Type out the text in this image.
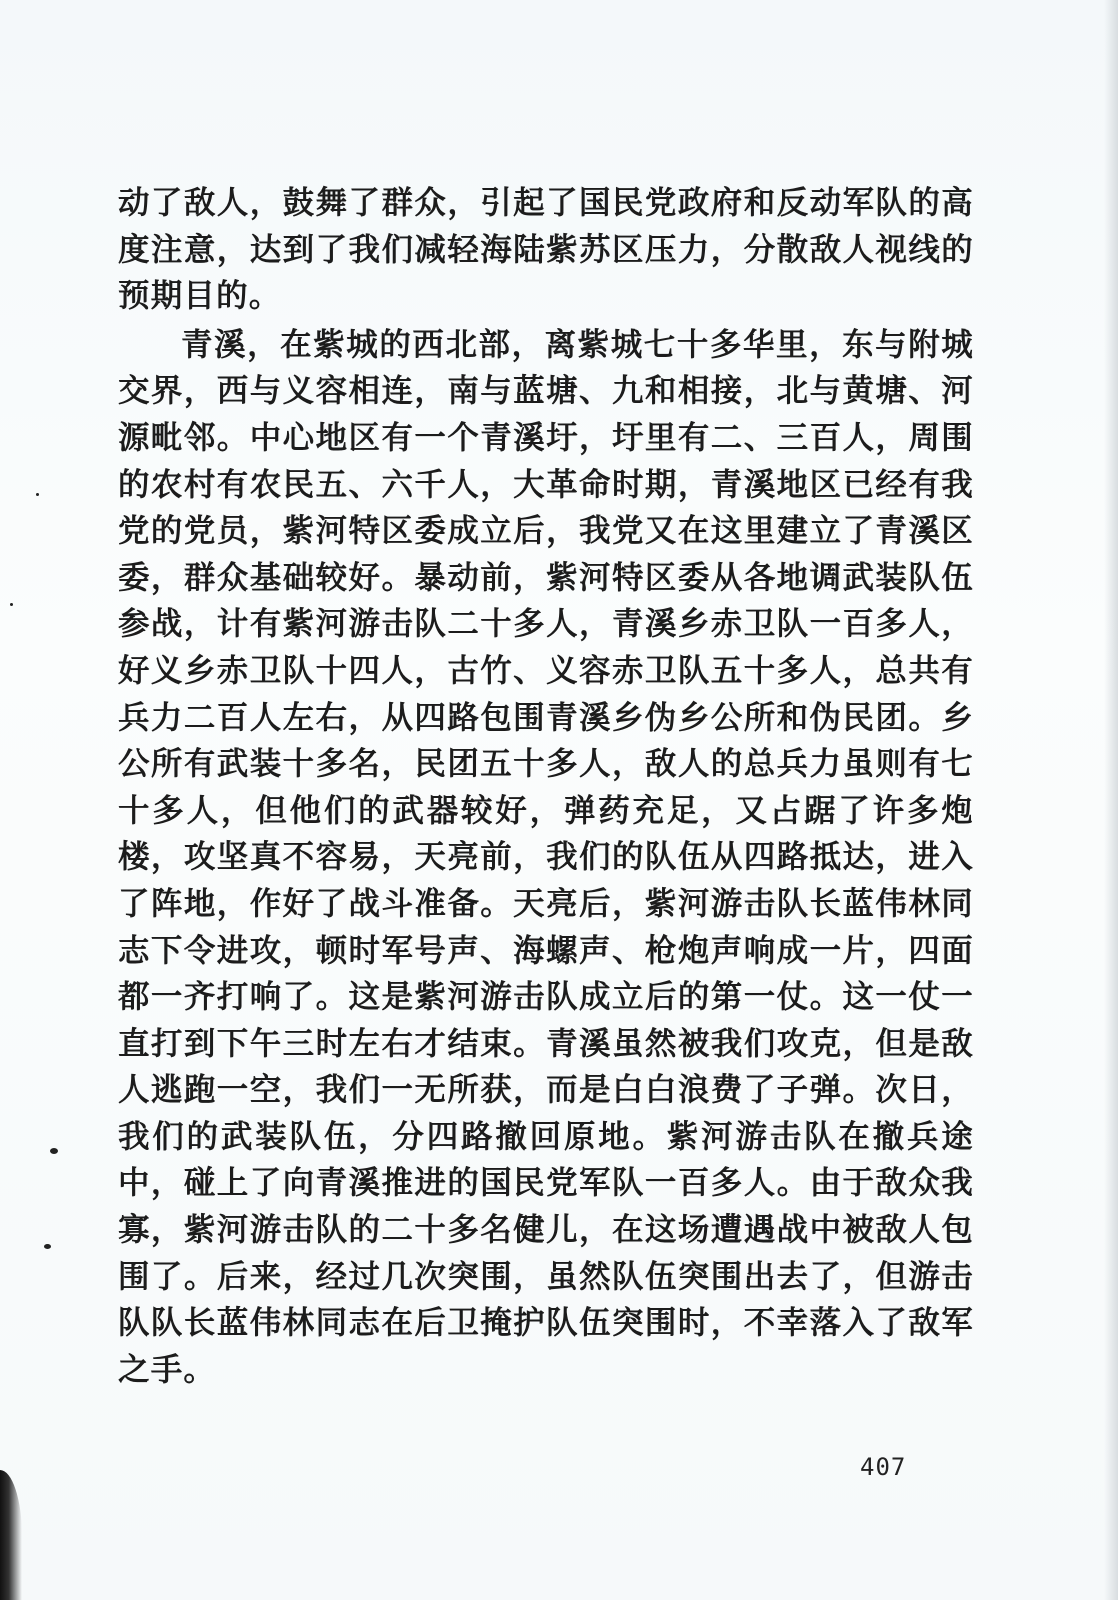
动了敌人，鼓舞了群众，引起了国民党政府和反动军队的高度注意，达到了我们减轻海陆紫苏区压力，分散敌人视线的预期目的。

青溪，在紫城的西北部，离紫城七十多华里，东与附城交界，西与义容相连，南与蓝塘、九和相接，北与黄塘、河源毗邻。中心地区有一个青溪圩，圩里有二、三百人，周围的农村有农民五、六千人，大革命时期，青溪地区已经有我党的党员，紫河特区委成立后，我党又在这里建立了青溪区委，群众基础较好。暴动前，紫河特区委从各地调武装队伍参战，计有紫河游击队二十多人，青溪乡赤卫队一百多人，好义乡赤卫队十四人，古竹、义容赤卫队五十多人，总共有兵力二百人左右，从四路包围青溪乡伪乡公所和伪民团。乡公所有武装十多名，民团五十多人，敌人的总兵力虽则有七十多人，但他们的武器较好，弹药充足，又占踞了许多炮楼，攻坚真不容易，天亮前，我们的队伍从四路抵达，进入了阵地，作好了战斗准备。天亮后，紫河游击队长蓝伟林同志下令进攻，顿时军号声、海螺声、枪炮声响成一片，四面都一齐打响了。这是紫河游击队成立后的第一仗。这一仗一直打到下午三时左右才结束。青溪虽然被我们攻克，但是敌人逃跑一空，我们一无所获，而是白白浪费了子弹。次日，我们的武装队伍，分四路撤回原地。紫河游击队在撤兵途中，碰上了向青溪推进的国民党军队一百多人。由于敌众我寡，紫河游击队的二十多名健儿，在这场遭遇战中被敌人包围了。后来，经过几次突围，虽然队伍突围出去了，但游击队队长蓝伟林同志在后卫掩护队伍突围时，不幸落入了敌军之手。

407
